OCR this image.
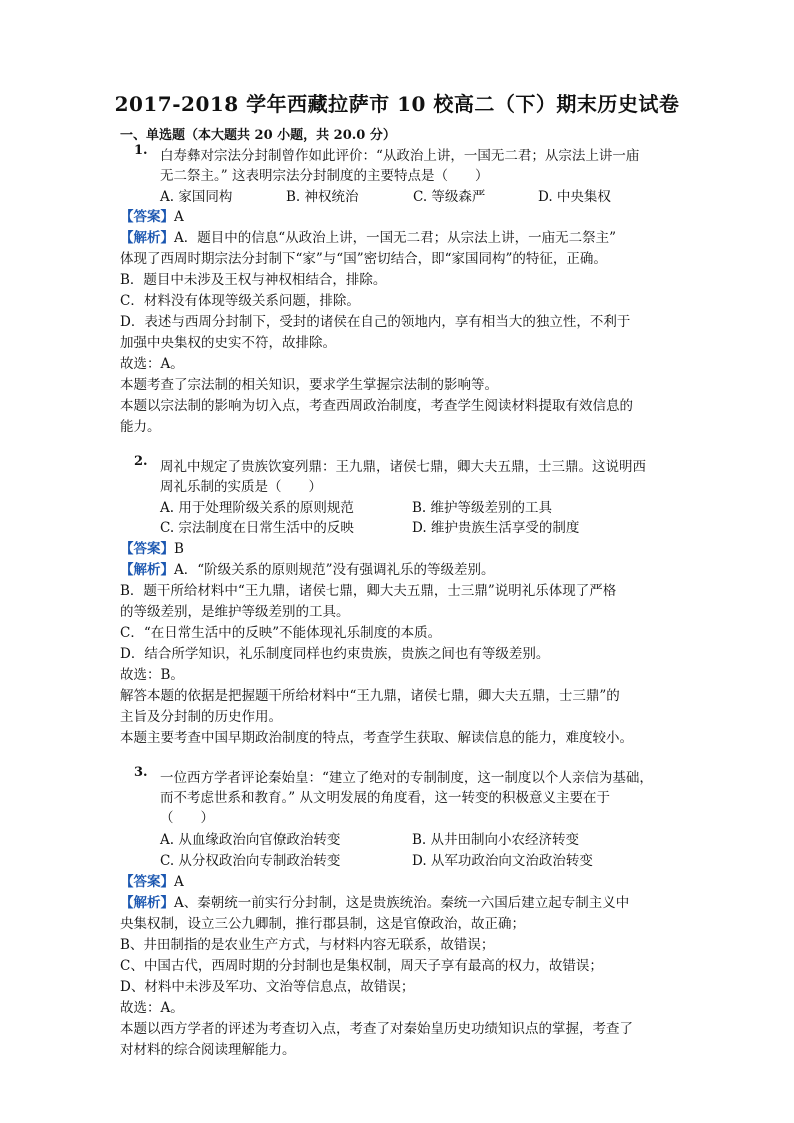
2017-2018 学年西藏拉萨市 10 校高二（下）期末历史试卷
一、单选题（本大题共 20 小题，共 20.0 分）
1. 白寿彝对宗法分封制曾作如此评价：“从政治上讲，一国无二君；从宗法上讲一庙
无二祭主。” 这表明宗法分封制度的主要特点是（　　）
A. 家国同构	B. 神权统治	C. 等级森严	D. 中央集权
【答案】A
【解析】A．题目中的信息“从政治上讲，一国无二君；从宗法上讲，一庙无二祭主”
体现了西周时期宗法分封制下“家”与“国”密切结合，即“家国同构”的特征，正确。
B．题目中未涉及王权与神权相结合，排除。
C．材料没有体现等级关系问题，排除。
D．表述与西周分封制下，受封的诸侯在自己的领地内，享有相当大的独立性，不利于
加强中央集权的史实不符，故排除。
故选：A。
本题考查了宗法制的相关知识，要求学生掌握宗法制的影响等。
本题以宗法制的影响为切入点，考查西周政治制度，考查学生阅读材料提取有效信息的
能力。
2. 周礼中规定了贵族饮宴列鼎：王九鼎，诸侯七鼎，卿大夫五鼎，士三鼎。这说明西
周礼乐制的实质是（　　）
A. 用于处理阶级关系的原则规范	B. 维护等级差别的工具
C. 宗法制度在日常生活中的反映	D. 维护贵族生活享受的制度
【答案】B
【解析】A．“阶级关系的原则规范”没有强调礼乐的等级差别。
B．题干所给材料中“王九鼎，诸侯七鼎，卿大夫五鼎，士三鼎”说明礼乐体现了严格
的等级差别，是维护等级差别的工具。
C．“在日常生活中的反映”不能体现礼乐制度的本质。
D．结合所学知识，礼乐制度同样也约束贵族，贵族之间也有等级差别。
故选：B。
解答本题的依据是把握题干所给材料中“王九鼎，诸侯七鼎，卿大夫五鼎，士三鼎”的
主旨及分封制的历史作用。
本题主要考查中国早期政治制度的特点，考查学生获取、解读信息的能力，难度较小。
3. 一位西方学者评论秦始皇：“建立了绝对的专制制度，这一制度以个人亲信为基础，
而不考虑世系和教育。” 从文明发展的角度看，这一转变的积极意义主要在于
（　　）
A. 从血缘政治向官僚政治转变	B. 从井田制向小农经济转变
C. 从分权政治向专制政治转变	D. 从军功政治向文治政治转变
【答案】A
【解析】A、秦朝统一前实行分封制，这是贵族统治。秦统一六国后建立起专制主义中
央集权制，设立三公九卿制，推行郡县制，这是官僚政治，故正确；
B、井田制指的是农业生产方式，与材料内容无联系，故错误；
C、中国古代，西周时期的分封制也是集权制，周天子享有最高的权力，故错误；
D、材料中未涉及军功、文治等信息点，故错误；
故选：A。
本题以西方学者的评述为考查切入点，考查了对秦始皇历史功绩知识点的掌握，考查了
对材料的综合阅读理解能力。
